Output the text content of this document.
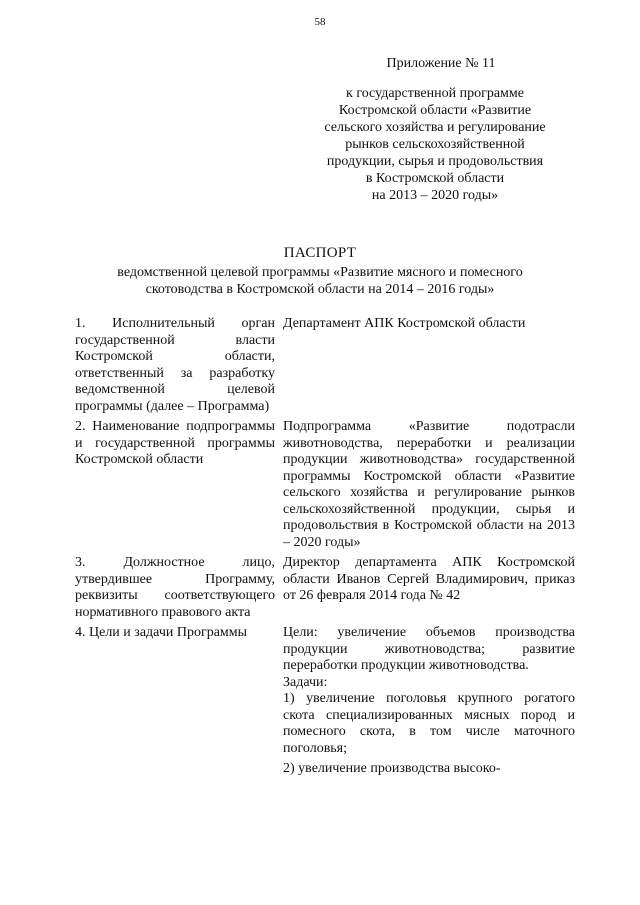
58
Приложение № 11
к государственной программе
Костромской области «Развитие
сельского хозяйства и регулирование
рынков сельскохозяйственной
продукции, сырья и продовольствия
в Костромской области
на 2013 – 2020 годы»
ПАСПОРТ
ведомственной целевой программы «Развитие мясного и помесного
скотоводства в Костромской области на 2014 – 2016 годы»
1. Исполнительный орган государственной власти Костромской области, ответственный за разработку ведомственной целевой программы (далее – Программа)
Департамент АПК Костромской области
2. Наименование подпрограммы и государственной программы Костромской области
Подпрограмма «Развитие подотрасли животноводства, переработки и реализации продукции животноводства» государственной программы Костромской области «Развитие сельского хозяйства и регулирование рынков сельскохозяйственной продукции, сырья и продовольствия в Костромской области на 2013 – 2020 годы»
3. Должностное лицо, утвердившее Программу, реквизиты соответствующего нормативного правового акта
Директор департамента АПК Костромской области Иванов Сергей Владимирович, приказ от 26 февраля 2014 года № 42
4. Цели и задачи Программы	Цели: увеличение объемов производства продукции животноводства; развитие переработки продукции животноводства.

Задачи:

1) увеличение поголовья крупного рогатого скота специализированных мясных пород и помесного скота, в том числе маточного поголовья;

2) увеличение производства высоко-
